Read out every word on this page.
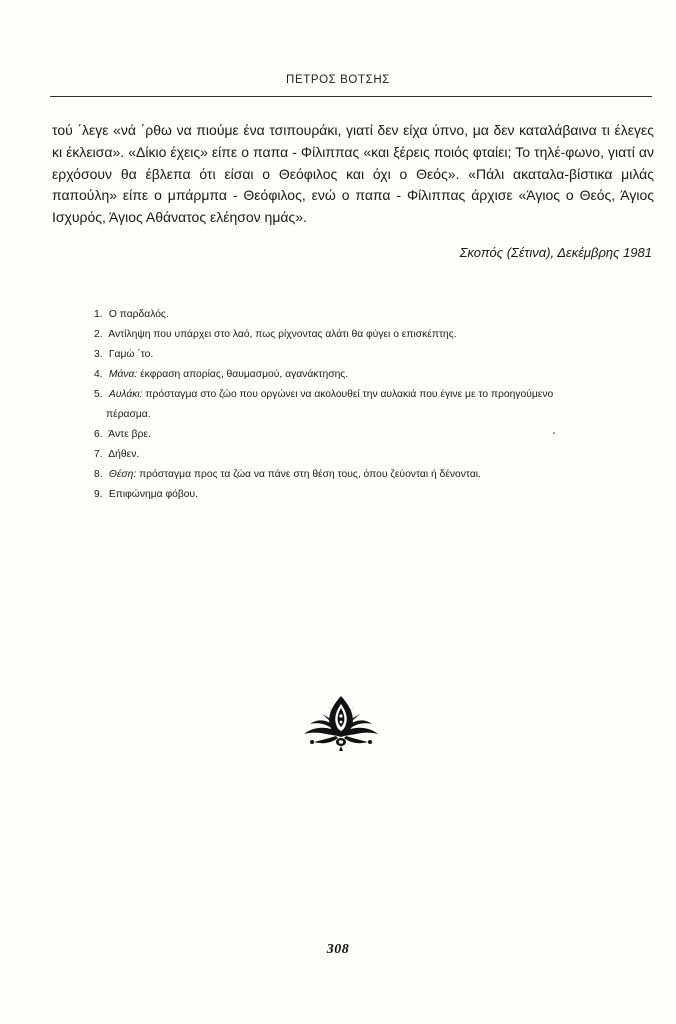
ΠΕΤΡΟΣ ΒΟΤΣΗΣ

τού ΄λεγε «νά ΄ρθω να πιούμε ένα τσιπουράκι, γιατί δεν είχα ύπνο, μα δεν καταλάβαινα τι έλεγες κι έκλεισα». «Δίκιο έχεις» είπε ο παπα - Φίλιππας «και ξέρεις ποιός φταίει; Το τηλέ-φωνο, γιατί αν ερχόσουν θα έβλεπα ότι είσαι ο Θεόφιλος και όχι ο Θεός». «Πάλι ακαταλα-βίστικα μιλάς παπούλη» είπε ο μπάρμπα - Θεόφιλος, ενώ ο παπα - Φίλιππας άρχισε «Άγιος ο Θεός, Άγιος Ισχυρός, Άγιος Αθάνατος ελέησον ημάς».

Σκοπός (Σέτινα), Δεκέμβρης 1981
1. Ο παρδαλός.
2. Αντίληψη που υπάρχει στο λαό, πως ρίχνοντας αλάτι θα φύγει ο επισκέπτης.
3. Γαμώ ΄το.
4. Μάνα: έκφραση απορίας, θαυμασμού, αγανάκτησης.
5. Αυλάκι: πρόσταγμα στο ζώο που οργώνει να ακολουθεί την αυλακιά που έγινε με το προηγούμενο
πέρασμα.
6. Άντε βρε.
7. Δήθεν.
8. Θέση: πρόσταγμα προς τα ζώα να πάνε στη θέση τους, όπου ζεύονται ή δένονται.
9. Επιφώνημα φόβου.
308
